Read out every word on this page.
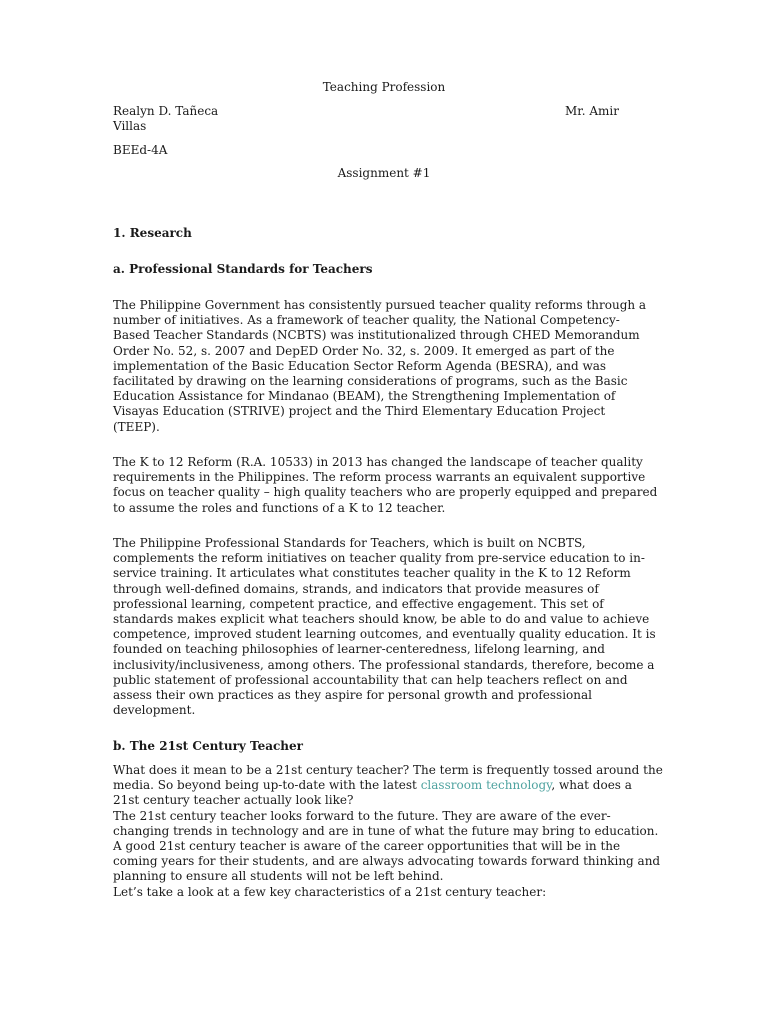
Teaching Profession
Realyn D. Tañeca	Mr. Amir
Villas
BEEd-4A
Assignment #1
1. Research
a. Professional Standards for Teachers
The Philippine Government has consistently pursued teacher quality reforms through a
number of initiatives. As a framework of teacher quality, the National Competency-
Based Teacher Standards (NCBTS) was institutionalized through CHED Memorandum
Order No. 52, s. 2007 and DepED Order No. 32, s. 2009. It emerged as part of the
implementation of the Basic Education Sector Reform Agenda (BESRA), and was
facilitated by drawing on the learning considerations of programs, such as the Basic
Education Assistance for Mindanao (BEAM), the Strengthening Implementation of
Visayas Education (STRIVE) project and the Third Elementary Education Project
(TEEP).
The K to 12 Reform (R.A. 10533) in 2013 has changed the landscape of teacher quality
requirements in the Philippines. The reform process warrants an equivalent supportive
focus on teacher quality – high quality teachers who are properly equipped and prepared
to assume the roles and functions of a K to 12 teacher.
The Philippine Professional Standards for Teachers, which is built on NCBTS,
complements the reform initiatives on teacher quality from pre-service education to in-
service training. It articulates what constitutes teacher quality in the K to 12 Reform
through well-defined domains, strands, and indicators that provide measures of
professional learning, competent practice, and effective engagement. This set of
standards makes explicit what teachers should know, be able to do and value to achieve
competence, improved student learning outcomes, and eventually quality education. It is
founded on teaching philosophies of learner-centeredness, lifelong learning, and
inclusivity/inclusiveness, among others. The professional standards, therefore, become a
public statement of professional accountability that can help teachers reflect on and
assess their own practices as they aspire for personal growth and professional
development.
b. The 21st Century Teacher
What does it mean to be a 21st century teacher? The term is frequently tossed around the
media. So beyond being up-to-date with the latest classroom technology, what does a
21st century teacher actually look like?
The 21st century teacher looks forward to the future. They are aware of the ever-
changing trends in technology and are in tune of what the future may bring to education.
A good 21st century teacher is aware of the career opportunities that will be in the
coming years for their students, and are always advocating towards forward thinking and
planning to ensure all students will not be left behind.
Let’s take a look at a few key characteristics of a 21st century teacher:
